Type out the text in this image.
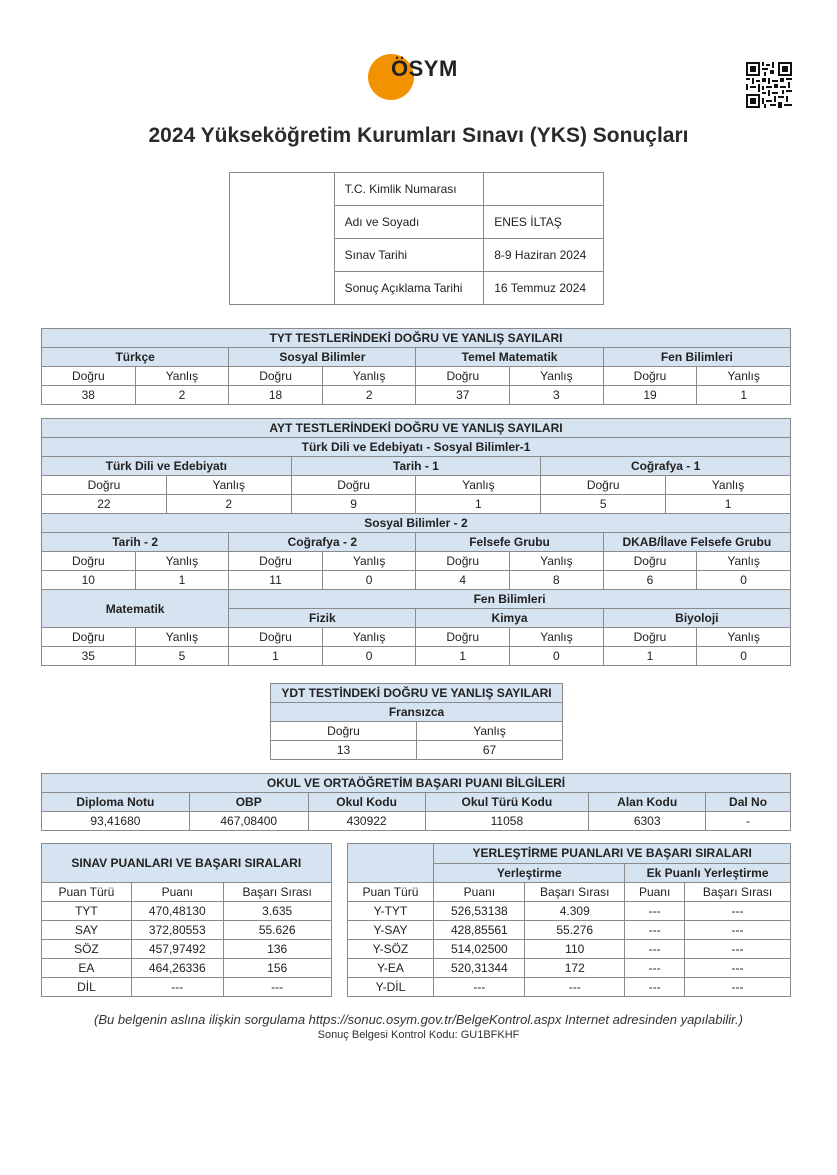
ÖSYM
2024 Yükseköğretim Kurumları Sınavı (YKS) Sonuçları
	T.C. Kimlik Numarası	
	Adı ve Soyadı	ENES İLTAŞ
	Sınav Tarihi	8-9 Haziran 2024
	Sonuç Açıklama Tarihi	16 Temmuz 2024
TYT TESTLERİNDEKİ DOĞRU VE YANLIŞ SAYILARI							
Türkçe		Sosyal Bilimler		Temel Matematik		Fen Bilimleri	
Doğru	Yanlış	Doğru	Yanlış	Doğru	Yanlış	Doğru	Yanlış
38	2	18	2	37	3	19	1
AYT TESTLERİNDEKİ DOĞRU VE YANLIŞ SAYILARI											
Türk Dili ve Edebiyatı - Sosyal Bilimler-1											
Türk Dili ve Edebiyatı				Tarih - 1				Coğrafya - 1			
Doğru		Yanlış		Doğru		Yanlış		Doğru		Yanlış	
22		2		9		1		5		1	
Sosyal Bilimler - 2											
Tarih - 2			Coğrafya - 2			Felsefe Grubu			DKAB/İlave Felsefe Grubu		
Doğru	Yanlış		Doğru		Yanlış	Doğru	Yanlış		Doğru		Yanlış
10	1		11		0	4	8		6		0
Matematik			Fen Bilimleri								
			Fizik			Kimya			Biyoloji		
Doğru	Yanlış		Doğru		Yanlış	Doğru	Yanlış		Doğru		Yanlış
35	5		1		0	1	0		1		0
YDT TESTİNDEKİ DOĞRU VE YANLIŞ SAYILARI	
Fransızca	
Doğru	Yanlış
13	67
OKUL VE ORTAÖĞRETİM BAŞARI PUANI BİLGİLERİ					
Diploma Notu	OBP	Okul Kodu	Okul Türü Kodu	Alan Kodu	Dal No
93,41680	467,08400	430922	11058	6303	-
SINAV PUANLARI VE BAŞARI SIRALARI					YERLEŞTİRME PUANLARI VE BAŞARI SIRALARI			
					Yerleştirme		Ek Puanlı Yerleştirme	
Puan Türü	Puanı	Başarı Sırası		Puan Türü	Puanı	Başarı Sırası	Puanı	Başarı Sırası
TYT	470,48130	3.635		Y-TYT	526,53138	4.309	---	---
SAY	372,80553	55.626		Y-SAY	428,85561	55.276	---	---
SÖZ	457,97492	136		Y-SÖZ	514,02500	110	---	---
EA	464,26336	156		Y-EA	520,31344	172	---	---
DİL	---	---		Y-DİL	---	---	---	---
(Bu belgenin aslına ilişkin sorgulama https://sonuc.osym.gov.tr/BelgeKontrol.aspx Internet adresinden yapılabilir.)
Sonuç Belgesi Kontrol Kodu: GU1BFKHF
